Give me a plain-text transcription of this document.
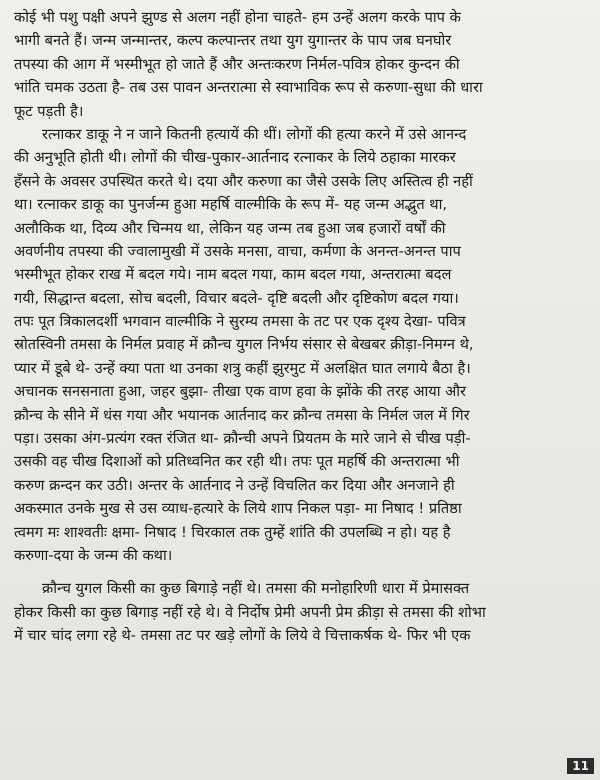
कोई भी पशु पक्षी अपने झुण्ड से अलग नहीं होना चाहते- हम उन्हें अलग करके पाप के
भागी बनते हैं। जन्म जन्मान्तर, कल्प कल्पान्तर तथा युग युगान्तर के पाप जब घनघोर
तपस्या की आग में भस्मीभूत हो जाते हैं और अन्तःकरण निर्मल-पवित्र होकर कुन्दन की
भांति चमक उठता है- तब उस पावन अन्तरात्मा से स्वाभाविक रूप से करुणा-सुधा की धारा
फूट पड़ती है।
रत्नाकर डाकू ने न जाने कितनी हत्यायें की थीं। लोगों की हत्या करने में उसे आनन्द
की अनुभूति होती थी। लोगों की चीख-पुकार-आर्तनाद रत्नाकर के लिये ठहाका मारकर
हँसने के अवसर उपस्थित करते थे। दया और करुणा का जैसे उसके लिए अस्तित्व ही नहीं
था। रत्नाकर डाकू का पुनर्जन्म हुआ महर्षि वाल्मीकि के रूप में- यह जन्म अद्भुत था,
अलौकिक था, दिव्य और चिन्मय था, लेकिन यह जन्म तब हुआ जब हजारों वर्षों की
अवर्णनीय तपस्या की ज्वालामुखी में उसके मनसा, वाचा, कर्मणा के अनन्त-अनन्त पाप
भस्मीभूत होकर राख में बदल गये। नाम बदल गया, काम बदल गया, अन्तरात्मा बदल
गयी, सिद्धान्त बदला, सोच बदली, विचार बदले- दृष्टि बदली और दृष्टिकोण बदल गया।
तपः पूत त्रिकालदर्शी भगवान वाल्मीकि ने सुरम्य तमसा के तट पर एक दृश्य देखा- पवित्र
स्रोतस्विनी तमसा के निर्मल प्रवाह में क्रौन्च युगल निर्भय संसार से बेखबर क्रीड़ा-निमग्न थे,
प्यार में डूबे थे- उन्हें क्या पता था उनका शत्रु कहीं झुरमुट में अलक्षित घात लगाये बैठा है।
अचानक सनसनाता हुआ, जहर बुझा- तीखा एक वाण हवा के झोंके की तरह आया और
क्रौन्च के सीने में धंस गया और भयानक आर्तनाद कर क्रौन्च तमसा के निर्मल जल में गिर
पड़ा। उसका अंग-प्रत्यंग रक्त रंजित था- क्रौन्ची अपने प्रियतम के मारे जाने से चीख पड़ी-
उसकी वह चीख दिशाओं को प्रतिध्वनित कर रही थी। तपः पूत महर्षि की अन्तरात्मा भी
करुण क्रन्दन कर उठी। अन्तर के आर्तनाद ने उन्हें विचलित कर दिया और अनजाने ही
अकस्मात उनके मुख से उस व्याध-हत्यारे के लिये शाप निकल पड़ा- मा निषाद ! प्रतिष्ठा
त्वमग मः शाश्वतीः क्षमा- निषाद ! चिरकाल तक तुम्हें शांति की उपलब्धि न हो। यह है
करुणा-दया के जन्म की कथा।
क्रौन्च युगल किसी का कुछ बिगाड़े नहीं थे। तमसा की मनोहारिणी धारा में प्रेमासक्त
होकर किसी का कुछ बिगाड़ नहीं रहे थे। वे निर्दोष प्रेमी अपनी प्रेम क्रीड़ा से तमसा की शोभा
में चार चांद लगा रहे थे- तमसा तट पर खड़े लोगों के लिये वे चित्ताकर्षक थे- फिर भी एक
11
